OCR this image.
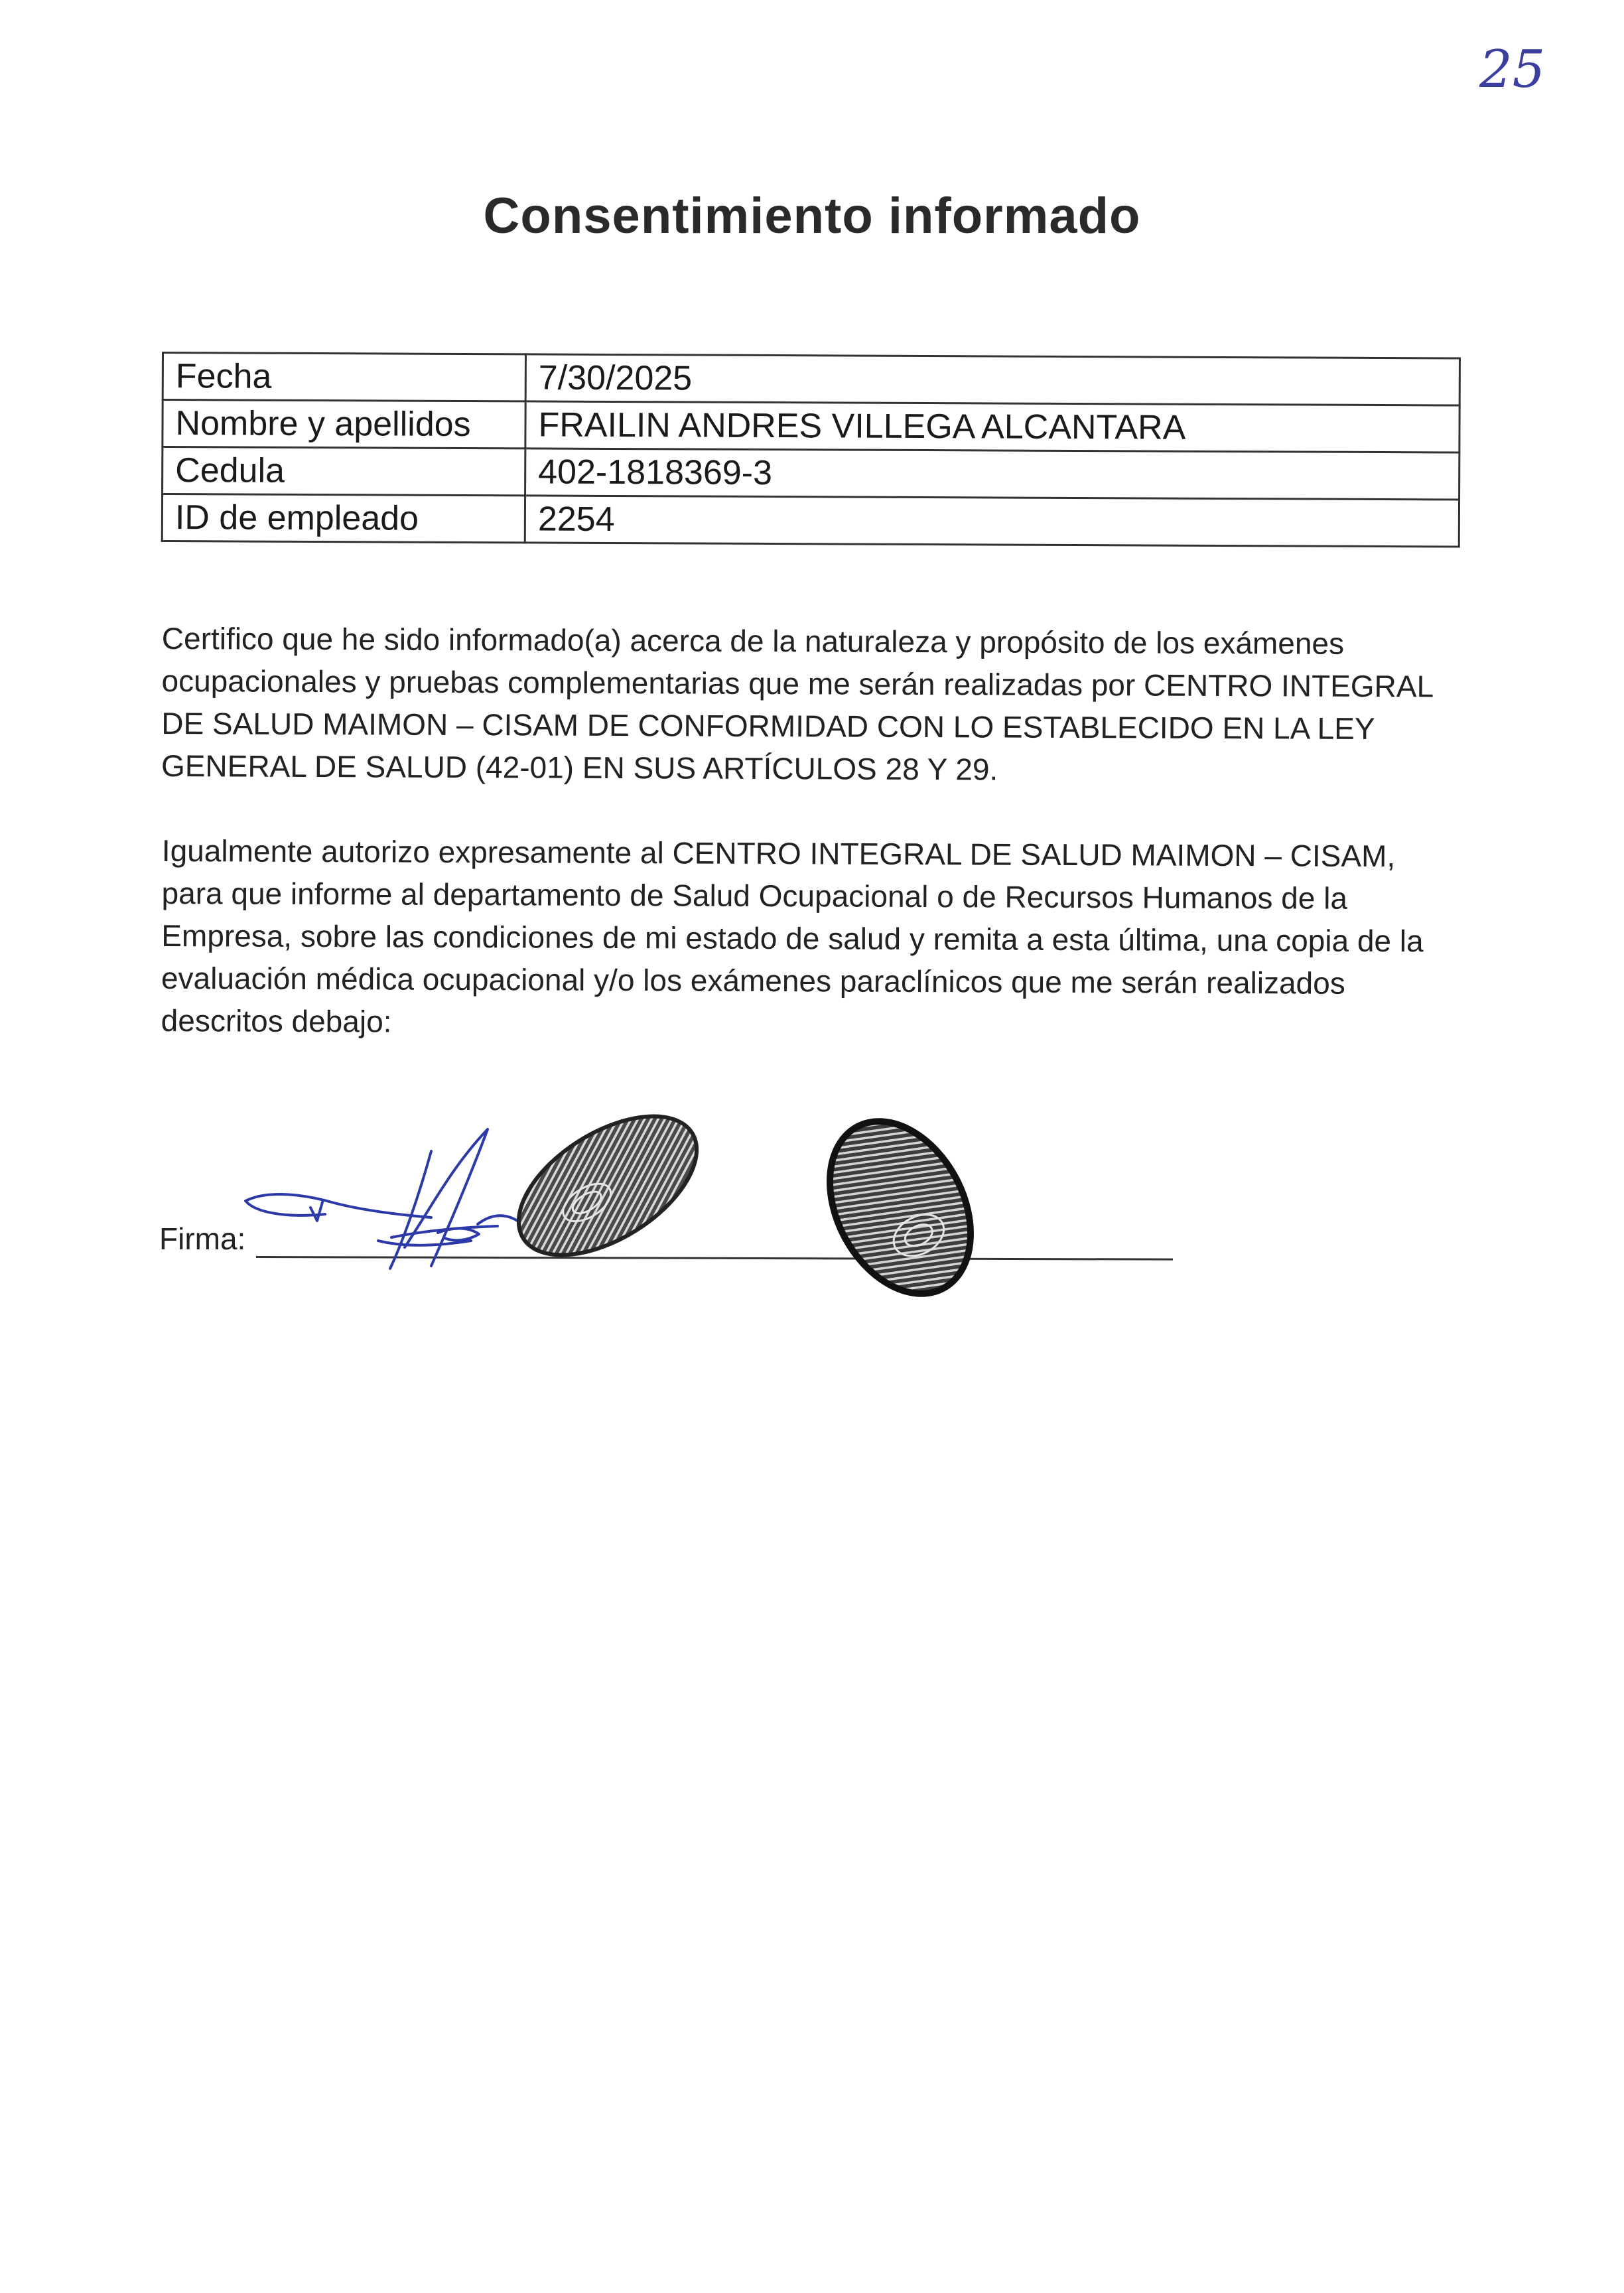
25
Consentimiento informado
Fecha	7/30/2025
Nombre y apellidos	FRAILIN ANDRES VILLEGA ALCANTARA
Cedula	402-1818369-3
ID de empleado	2254

Certifico que he sido informado(a) acerca de la naturaleza y propósito de los exámenes ocupacionales y pruebas complementarias que me serán realizadas por CENTRO INTEGRAL DE SALUD MAIMON – CISAM DE CONFORMIDAD CON LO ESTABLECIDO EN LA LEY GENERAL DE SALUD (42-01) EN SUS ARTÍCULOS 28 Y 29.

Igualmente autorizo expresamente al CENTRO INTEGRAL DE SALUD MAIMON – CISAM, para que informe al departamento de Salud Ocupacional o de Recursos Humanos de la Empresa, sobre las condiciones de mi estado de salud y remita a esta última, una copia de la evaluación médica ocupacional y/o los exámenes paraclínicos que me serán realizados descritos debajo:

Firma:
